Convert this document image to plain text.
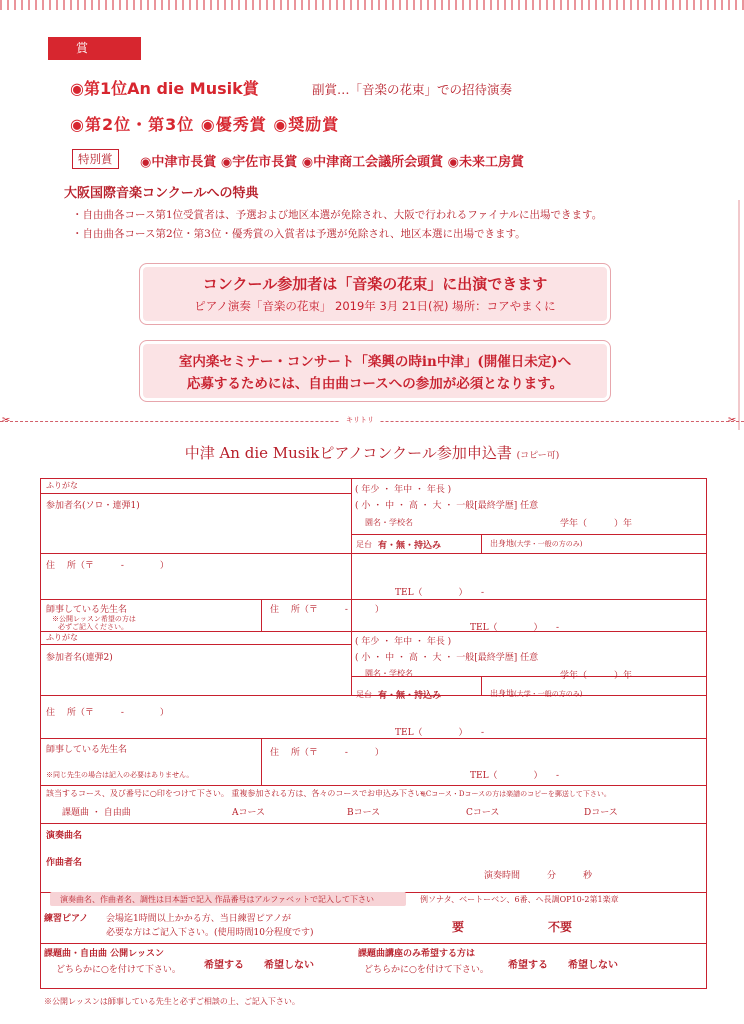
賞
◉第1位An die Musik賞	副賞…「音楽の花束」での招待演奏
◉第2位・第3位 ◉優秀賞 ◉奨励賞
特別賞	◉中津市長賞 ◉宇佐市長賞 ◉中津商工会議所会頭賞 ◉未来工房賞
大阪国際音楽コンクールへの特典
・自由曲各コース第1位受賞者は、予選および地区本選が免除され、大阪で行われるファイナルに出場できます。
・自由曲各コース第2位・第3位・優秀賞の入賞者は予選が免除され、地区本選に出場できます。
コンクール参加者は「音楽の花束」に出演できます
ピアノ演奏「音楽の花束」 2019年 3月 21日(祝) 場所：コアやまくに
室内楽セミナー・コンサート「楽興の時in中津」(開催日未定)へ
応募するためには、自由曲コースへの参加が必須となります。
✂	✂
キリトリ
中津 An die Musikピアノコンクール参加申込書 (コピー可)
ふりがな
参加者名(ソロ・連弾1)
( 年少 ・ 年中 ・ 年長 )
( 小 ・ 中 ・ 高 ・ 大 ・ 一般[最終学歴] 任意
園名・学校名	学年（　　　）年
足台 有・無・持込み	出身地(大学・一般の方のみ)
住　 所（〒　　　-　　　　）
TEL（　　　　）　　-
師事している先生名
※公開レッスン希望の方は
必ずご記入ください。
住　 所（〒　　　-　　　）
TEL（　　　　）　　-
ふりがな
参加者名(連弾2)
( 年少 ・ 年中 ・ 年長 )
( 小 ・ 中 ・ 高 ・ 大 ・ 一般[最終学歴] 任意
園名・学校名	学年（　　　）年
足台 有・無・持込み	出身地(大学・一般の方のみ)
住　 所（〒　　　-　　　　）
TEL（　　　　）　　-
師事している先生名
※同じ先生の場合は記入の必要はありません。
住　 所（〒　　　-　　　）
TEL（　　　　）　　-
該当するコース、及び番号に○印をつけて下さい。 重複参加される方は、各々のコースでお申込み下さい。
※Cコース・Dコースの方は楽譜のコピーを郵送して下さい。
課題曲 ・ 自由曲	Aコース	Bコース	Cコース	Dコース
演奏曲名
作曲者名
演奏時間　　　分　　　秒
演奏曲名、作曲者名、調性は日本語で記入 作品番号はアルファベットで記入して下さい	例ソナタ、ベートーベン、6番、へ長調OP10-2第1楽章
練習ピアノ 会場迄1時間以上かかる方、当日練習ピアノが
必要な方はご記入下さい。(使用時間10分程度です)	要	不要
課題曲・自由曲 公開レッスン
どちらかに○を付けて下さい。 希望する 希望しない
課題曲講座のみ希望する方は
どちらかに○を付けて下さい。 希望する 希望しない
※公開レッスンは師事している先生と必ずご相談の上、ご記入下さい。
